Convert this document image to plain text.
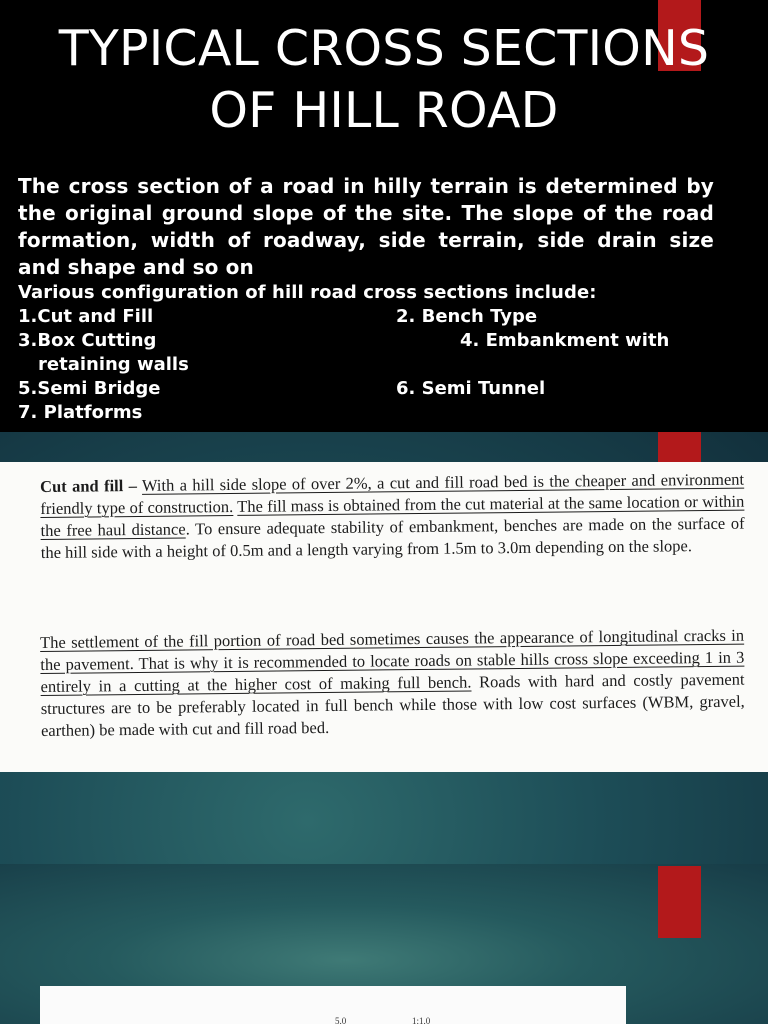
TYPICAL CROSS SECTIONS
OF HILL ROAD

The cross section of a road in hilly terrain is determined by the original ground slope of the site. The slope of the road formation, width of roadway, side terrain, side drain size and shape and so on

Various configuration of hill road cross sections include:

1.Cut and Fill	2. Bench Type
3.Box Cutting	4. Embankment with
retaining walls
5.Semi Bridge	6. Semi Tunnel
7. Platforms

Cut and fill – With a hill side slope of over 2%, a cut and fill road bed is the cheaper and environment friendly type of construction. The fill mass is obtained from the cut material at the same location or within the free haul distance. To ensure adequate stability of embankment, benches are made on the surface of the hill side with a height of 0.5m and a length varying from 1.5m to 3.0m depending on the slope.

The settlement of the fill portion of road bed sometimes causes the appearance of longitudinal cracks in the pavement. That is why it is recommended to locate roads on stable hills cross slope exceeding 1 in 3 entirely in a cutting at the higher cost of making full bench. Roads with hard and costly pavement structures are to be preferably located in full bench while those with low cost surfaces (WBM, gravel, earthen) be made with cut and fill road bed.

5.0	1:1.0
